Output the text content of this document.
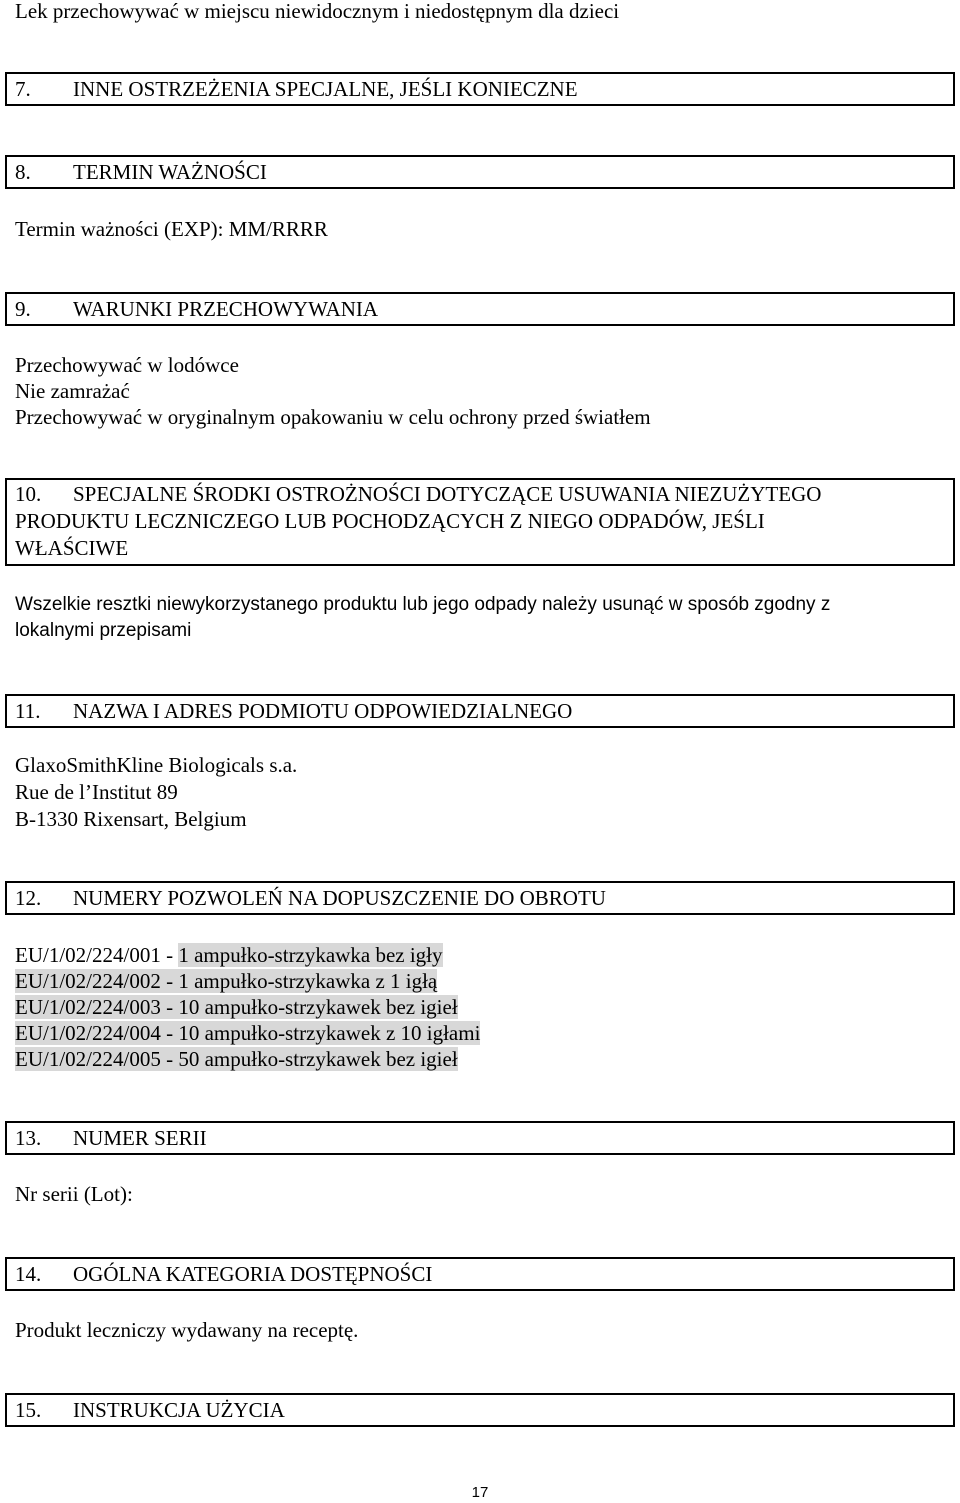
Lek przechowywać w miejscu niewidocznym i niedostępnym dla dzieci
7. INNE OSTRZEŻENIA SPECJALNE, JEŚLI KONIECZNE
8. TERMIN WAŻNOŚCI
Termin ważności (EXP): MM/RRRR
9. WARUNKI PRZECHOWYWANIA
Przechowywać w lodówce
Nie zamrażać
Przechowywać w oryginalnym opakowaniu w celu ochrony przed światłem
10. SPECJALNE ŚRODKI OSTROŻNOŚCI DOTYCZĄCE USUWANIA NIEZUŻYTEGO
PRODUKTU LECZNICZEGO LUB POCHODZĄCYCH Z NIEGO ODPADÓW, JEŚLI
WŁAŚCIWE
Wszelkie resztki niewykorzystanego produktu lub jego odpady należy usunąć w sposób zgodny z
lokalnymi przepisami
11. NAZWA I ADRES PODMIOTU ODPOWIEDZIALNEGO
GlaxoSmithKline Biologicals s.a.
Rue de l’Institut 89
B-1330 Rixensart, Belgium
12. NUMERY POZWOLEŃ NA DOPUSZCZENIE DO OBROTU
EU/1/02/224/001 - 1 ampułko-strzykawka bez igły
EU/1/02/224/002 - 1 ampułko-strzykawka z 1 igłą
EU/1/02/224/003 - 10 ampułko-strzykawek bez igieł
EU/1/02/224/004 - 10 ampułko-strzykawek z 10 igłami
EU/1/02/224/005 - 50 ampułko-strzykawek bez igieł
13. NUMER SERII
Nr serii (Lot):
14. OGÓLNA KATEGORIA DOSTĘPNOŚCI
Produkt leczniczy wydawany na receptę.
15. INSTRUKCJA UŻYCIA
17
